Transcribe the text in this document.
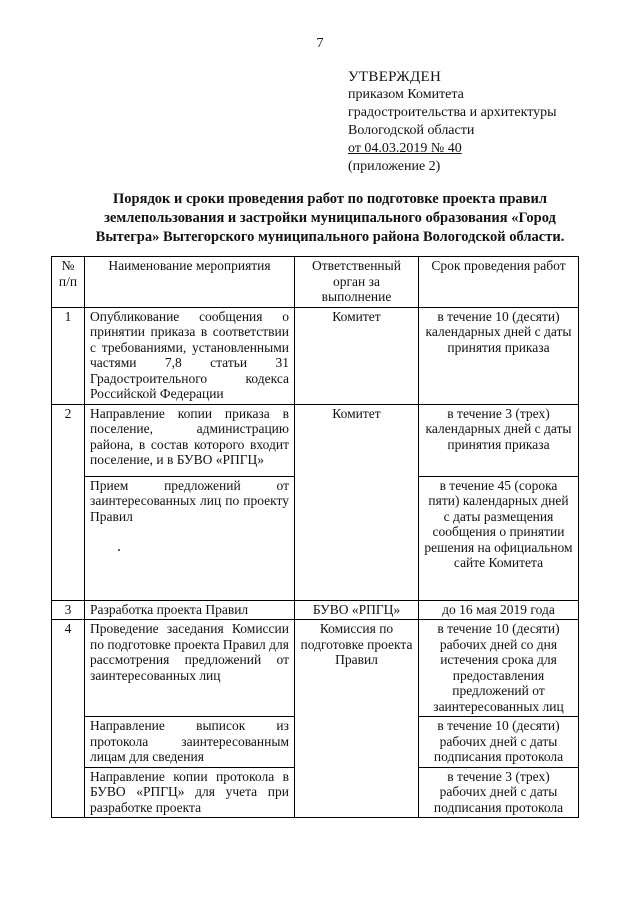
7
УТВЕРЖДЕН
приказом Комитета
градостроительства и архитектуры
Вологодской области
от 04.03.2019 № 40
(приложение 2)
Порядок и сроки проведения работ по подготовке проекта правил
землепользования и застройки муниципального образования «Город
Вытегра» Вытегорского муниципального района Вологодской области.
№ п/п	Наименование мероприятия	Ответственный орган за выполнение	Срок проведения работ
1	Опубликование сообщения о принятии приказа в соответствии с требованиями, установленными частями 7,8 статьи 31 Градостроительного кодекса Российской Федерации	Комитет	в течение 10 (десяти) календарных дней с даты принятия приказа
2	Направление копии приказа в поселение, администрацию района, в состав которого входит поселение, и в БУВО «РПГЦ»	Комитет	в течение 3 (трех) календарных дней с даты принятия приказа
	Прием предложений от заинтересованных лиц по проекту Правил		в течение 45 (сорока пяти) календарных дней с даты размещения сообщения о принятии решения на официальном сайте Комитета
3	Разработка проекта Правил	БУВО «РПГЦ»	до 16 мая 2019 года
4	Проведение заседания Комиссии по подготовке проекта Правил для рассмотрения предложений от заинтересованных лиц	Комиссия по подготовке проекта Правил	в течение 10 (десяти) рабочих дней со дня истечения срока для предоставления предложений от заинтересованных лиц
	Направление выписок из протокола заинтересованным лицам для сведения		в течение 10 (десяти) рабочих дней с даты подписания протокола
	Направление копии протокола в БУВО «РПГЦ» для учета при разработке проекта		в течение 3 (трех) рабочих дней с даты подписания протокола
